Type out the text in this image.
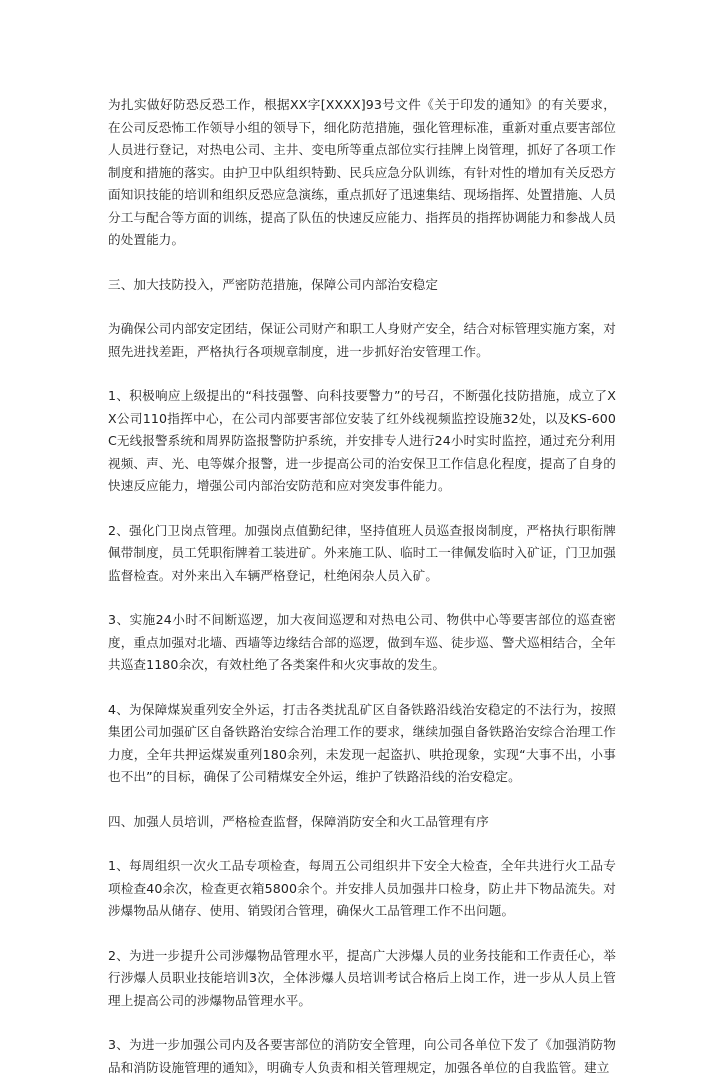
为扎实做好防恐反恐工作，根据XX字[XXXX]93号文件《关于印发的通知》的有关要求，在公司反恐怖工作领导小组的领导下，细化防范措施，强化管理标准，重新对重点要害部位人员进行登记，对热电公司、主井、变电所等重点部位实行挂牌上岗管理，抓好了各项工作制度和措施的落实。由护卫中队组织特勤、民兵应急分队训练，有针对性的增加有关反恐方面知识技能的培训和组织反恐应急演练，重点抓好了迅速集结、现场指挥、处置措施、人员分工与配合等方面的训练，提高了队伍的快速反应能力、指挥员的指挥协调能力和参战人员的处置能力。

三、加大技防投入，严密防范措施，保障公司内部治安稳定

为确保公司内部安定团结，保证公司财产和职工人身财产安全，结合对标管理实施方案，对照先进找差距，严格执行各项规章制度，进一步抓好治安管理工作。

1、积极响应上级提出的“科技强警、向科技要警力”的号召，不断强化技防措施，成立了XX公司110指挥中心，在公司内部要害部位安装了红外线视频监控设施32处，以及KS-600C无线报警系统和周界防盗报警防护系统，并安排专人进行24小时实时监控，通过充分利用视频、声、光、电等媒介报警，进一步提高公司的治安保卫工作信息化程度，提高了自身的快速反应能力，增强公司内部治安防范和应对突发事件能力。

2、强化门卫岗点管理。加强岗点值勤纪律，坚持值班人员巡查报岗制度，严格执行职衔牌佩带制度，员工凭职衔牌着工装进矿。外来施工队、临时工一律佩发临时入矿证，门卫加强监督检查。对外来出入车辆严格登记，杜绝闲杂人员入矿。

3、实施24小时不间断巡逻，加大夜间巡逻和对热电公司、物供中心等要害部位的巡查密度，重点加强对北墙、西墙等边缘结合部的巡逻，做到车巡、徒步巡、警犬巡相结合，全年共巡查1180余次，有效杜绝了各类案件和火灾事故的发生。

4、为保障煤炭重列安全外运，打击各类扰乱矿区自备铁路沿线治安稳定的不法行为，按照集团公司加强矿区自备铁路治安综合治理工作的要求，继续加强自备铁路治安综合治理工作力度，全年共押运煤炭重列180余列，未发现一起盗扒、哄抢现象，实现“大事不出，小事也不出”的目标，确保了公司精煤安全外运，维护了铁路沿线的治安稳定。

四、加强人员培训，严格检查监督，保障消防安全和火工品管理有序

1、每周组织一次火工品专项检查，每周五公司组织井下安全大检查，全年共进行火工品专项检查40余次，检查更衣箱5800余个。并安排人员加强井口检身，防止井下物品流失。对涉爆物品从储存、使用、销毁闭合管理，确保火工品管理工作不出问题。

2、为进一步提升公司涉爆物品管理水平，提高广大涉爆人员的业务技能和工作责任心，举行涉爆人员职业技能培训3次，全体涉爆人员培训考试合格后上岗工作，进一步从人员上管理上提高公司的涉爆物品管理水平。

3、为进一步加强公司内及各要害部位的消防安全管理，向公司各单位下发了《加强消防物品和消防设施管理的通知》，明确专人负责和相关管理规定，加强各单位的自我监管。建立
